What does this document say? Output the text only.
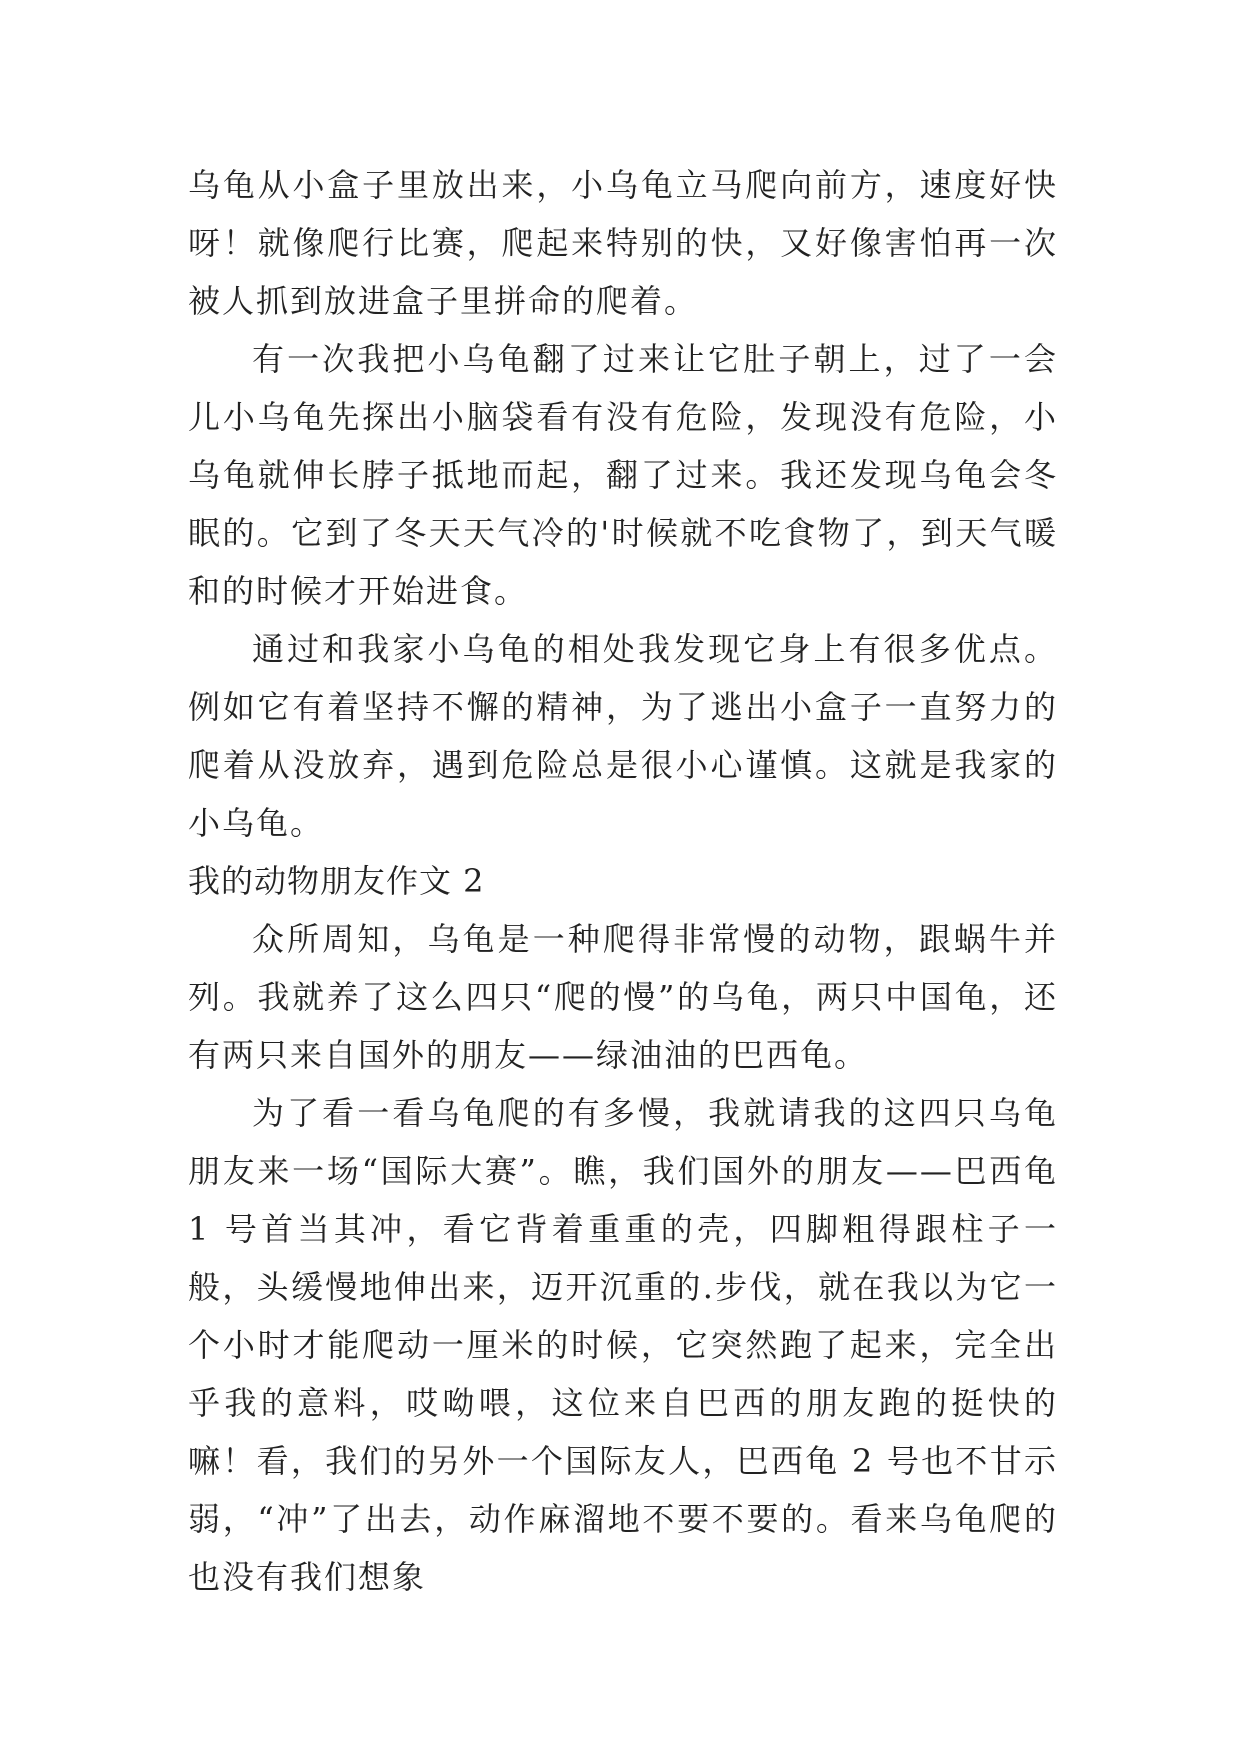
乌龟从小盒子里放出来，小乌龟立马爬向前方，速度好快呀！就像爬行比赛，爬起来特别的快，又好像害怕再一次被人抓到放进盒子里拼命的爬着。

有一次我把小乌龟翻了过来让它肚子朝上，过了一会儿小乌龟先探出小脑袋看有没有危险，发现没有危险，小乌龟就伸长脖子抵地而起，翻了过来。我还发现乌龟会冬眠的。它到了冬天天气冷的'时候就不吃食物了，到天气暖和的时候才开始进食。

通过和我家小乌龟的相处我发现它身上有很多优点。例如它有着坚持不懈的精神，为了逃出小盒子一直努力的爬着从没放弃，遇到危险总是很小心谨慎。这就是我家的小乌龟。

我的动物朋友作文 2

众所周知，乌龟是一种爬得非常慢的动物，跟蜗牛并列。我就养了这么四只“爬的慢”的乌龟，两只中国龟，还有两只来自国外的朋友——绿油油的巴西龟。

为了看一看乌龟爬的有多慢，我就请我的这四只乌龟朋友来一场“国际大赛”。瞧，我们国外的朋友——巴西龟 1 号首当其冲，看它背着重重的壳，四脚粗得跟柱子一般，头缓慢地伸出来，迈开沉重的.步伐，就在我以为它一个小时才能爬动一厘米的时候，它突然跑了起来，完全出乎我的意料，哎呦喂，这位来自巴西的朋友跑的挺快的嘛！看，我们的另外一个国际友人，巴西龟 2 号也不甘示弱，“冲”了出去，动作麻溜地不要不要的。看来乌龟爬的也没有我们想象
